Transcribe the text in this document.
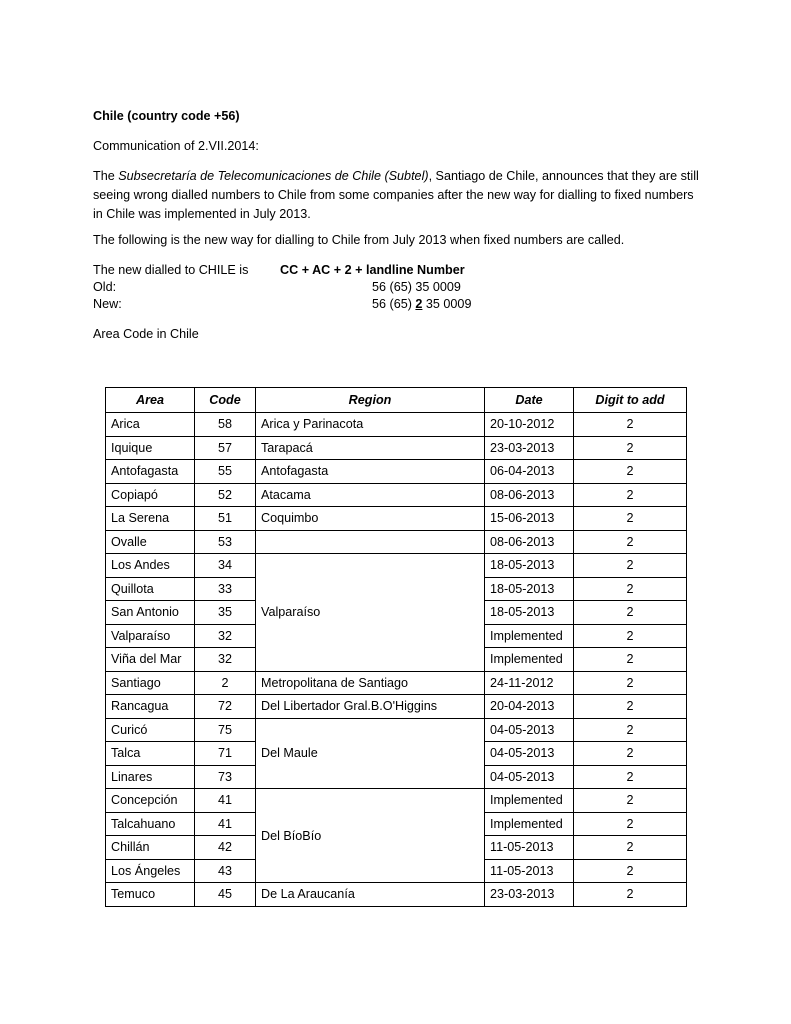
Chile (country code +56)
Communication of 2.VII.2014:
The Subsecretaría de Telecomunicaciones de Chile (Subtel), Santiago de Chile, announces that they are still seeing wrong dialled numbers to Chile from some companies after the new way for dialling to fixed numbers in Chile was implemented in July 2013.
The following is the new way for dialling to Chile from July 2013 when fixed numbers are called.
The new dialled to CHILE is	CC + AC + 2 + landline Number
Old:	56 (65) 35 0009
New:	56 (65) 2 35 0009
Area Code in Chile
Area	Code	Region	Date	Digit to add
Arica	58	Arica y Parinacota	20-10-2012	2
Iquique	57	Tarapacá	23-03-2013	2
Antofagasta	55	Antofagasta	06-04-2013	2
Copiapó	52	Atacama	08-06-2013	2
La Serena	51	Coquimbo	15-06-2013	2
Ovalle	53		08-06-2013	2
Los Andes	34	Valparaíso	18-05-2013	2
Quillota	33		18-05-2013	2
San Antonio	35		18-05-2013	2
Valparaíso	32		Implemented	2
Viña del Mar	32		Implemented	2
Santiago	2	Metropolitana de Santiago	24-11-2012	2
Rancagua	72	Del Libertador Gral.B.O'Higgins	20-04-2013	2
Curicó	75	Del Maule	04-05-2013	2
Talca	71		04-05-2013	2
Linares	73		04-05-2013	2
Concepción	41	Del BíoBío	Implemented	2
Talcahuano	41		Implemented	2
Chillán	42		11-05-2013	2
Los Ángeles	43		11-05-2013	2
Temuco	45	De La Araucanía	23-03-2013	2
